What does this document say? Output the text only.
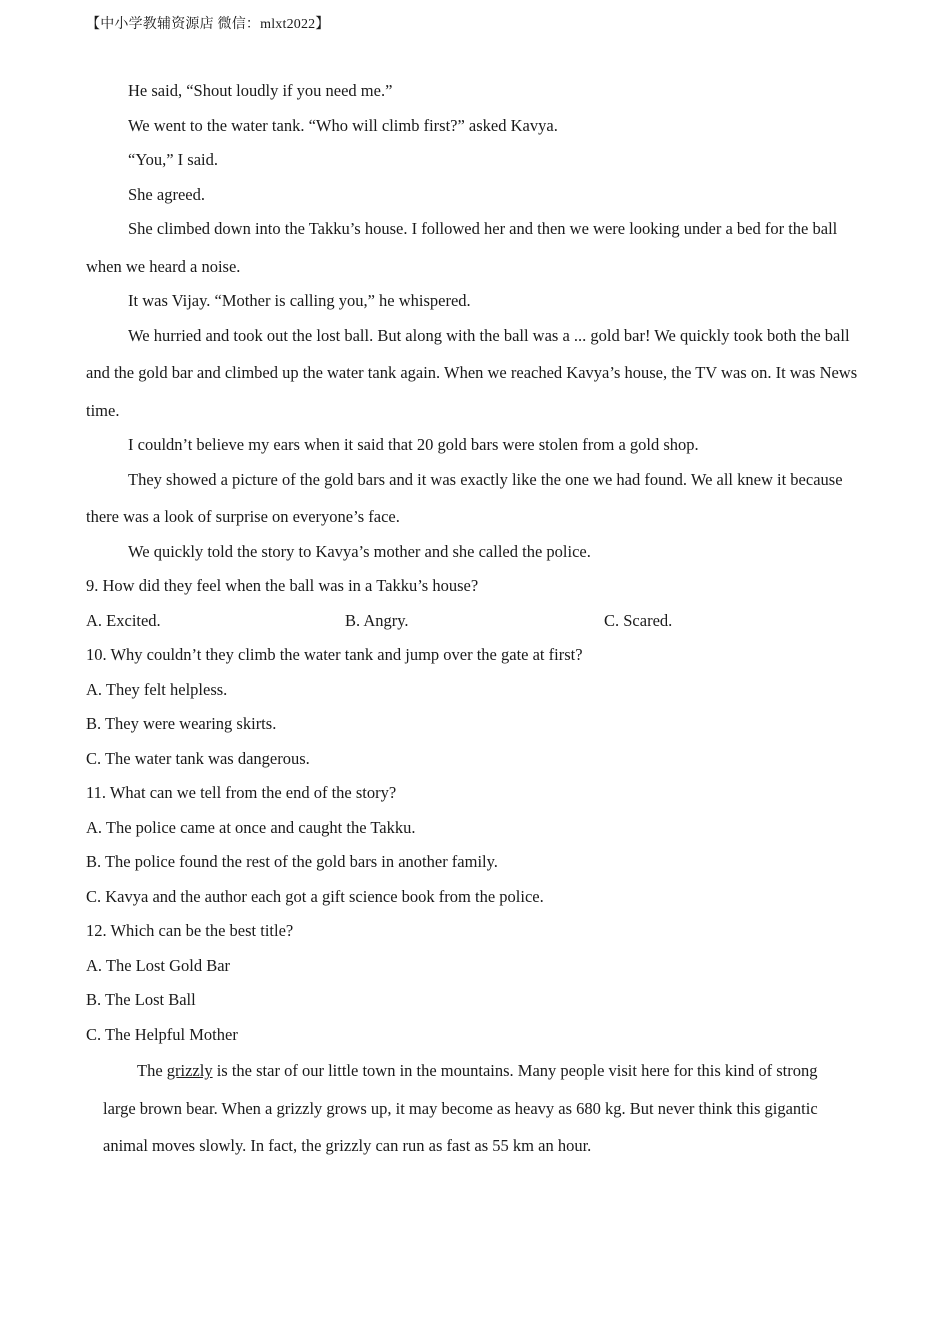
【中小学教辅资源店 微信：mlxt2022】

He said, “Shout loudly if you need me.”

We went to the water tank. “Who will climb first?” asked Kavya.

“You,” I said.

She agreed.

She climbed down into the Takku’s house. I followed her and then we were looking under a bed for the ball when we heard a noise.

It was Vijay. “Mother is calling you,” he whispered.

We hurried and took out the lost ball. But along with the ball was a ... gold bar! We quickly took both the ball and the gold bar and climbed up the water tank again. When we reached Kavya’s house, the TV was on. It was News time.

I couldn’t believe my ears when it said that 20 gold bars were stolen from a gold shop.

They showed a picture of the gold bars and it was exactly like the one we had found. We all knew it because there was a look of surprise on everyone’s face.

We quickly told the story to Kavya’s mother and she called the police.

9. How did they feel when the ball was in a Takku’s house?

A. Excited.	B. Angry.	C. Scared.

10. Why couldn’t they climb the water tank and jump over the gate at first?

A. They felt helpless.

B. They were wearing skirts.

C. The water tank was dangerous.

11. What can we tell from the end of the story?

A. The police came at once and caught the Takku.

B. The police found the rest of the gold bars in another family.

C. Kavya and the author each got a gift science book from the police.

12. Which can be the best title?

A. The Lost Gold Bar

B. The Lost Ball

C. The Helpful Mother

The grizzly is the star of our little town in the mountains. Many people visit here for this kind of strong large brown bear. When a grizzly grows up, it may become as heavy as 680 kg. But never think this gigantic animal moves slowly. In fact, the grizzly can run as fast as 55 km an hour.
